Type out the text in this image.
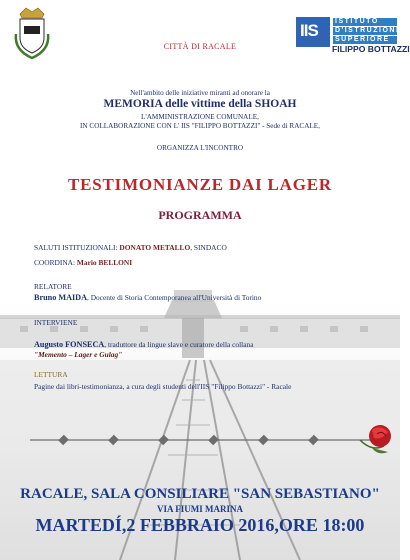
CITTÀ DI RACALE
IIS ISTITUTO
D'ISTRUZIONE
SUPERIORE
FILIPPO BOTTAZZI
Nell'ambito delle iniziative miranti ad onorare la
MEMORIA delle vittime della SHOAH
L'AMMINISTRAZIONE COMUNALE,
IN COLLABORAZIONE CON L' IIS "FILIPPO BOTTAZZI" - Sede di RACALE,
ORGANIZZA L'INCONTRO
TESTIMONIANZE DAI LAGER
PROGRAMMA
SALUTI ISTITUZIONALI: DONATO METALLO, SINDACO
COORDINA: Mario BELLONI
RELATORE
Bruno MAIDA, Docente di Storia Contemporanea all'Università di Torino
INTERVIENE
Augusto FONSECA, traduttore da lingue slave e curatore della collana
"Memento – Lager e Gulag"
LETTURA
Pagine dai libri-testimonianza, a cura degli studenti dell'IIS "Filippo Bottazzi" - Racale
RACALE, SALA CONSILIARE "SAN SEBASTIANO"
VIA FIUMI MARINA
MARTEDÍ,2 FEBBRAIO 2016,ORE 18:00
